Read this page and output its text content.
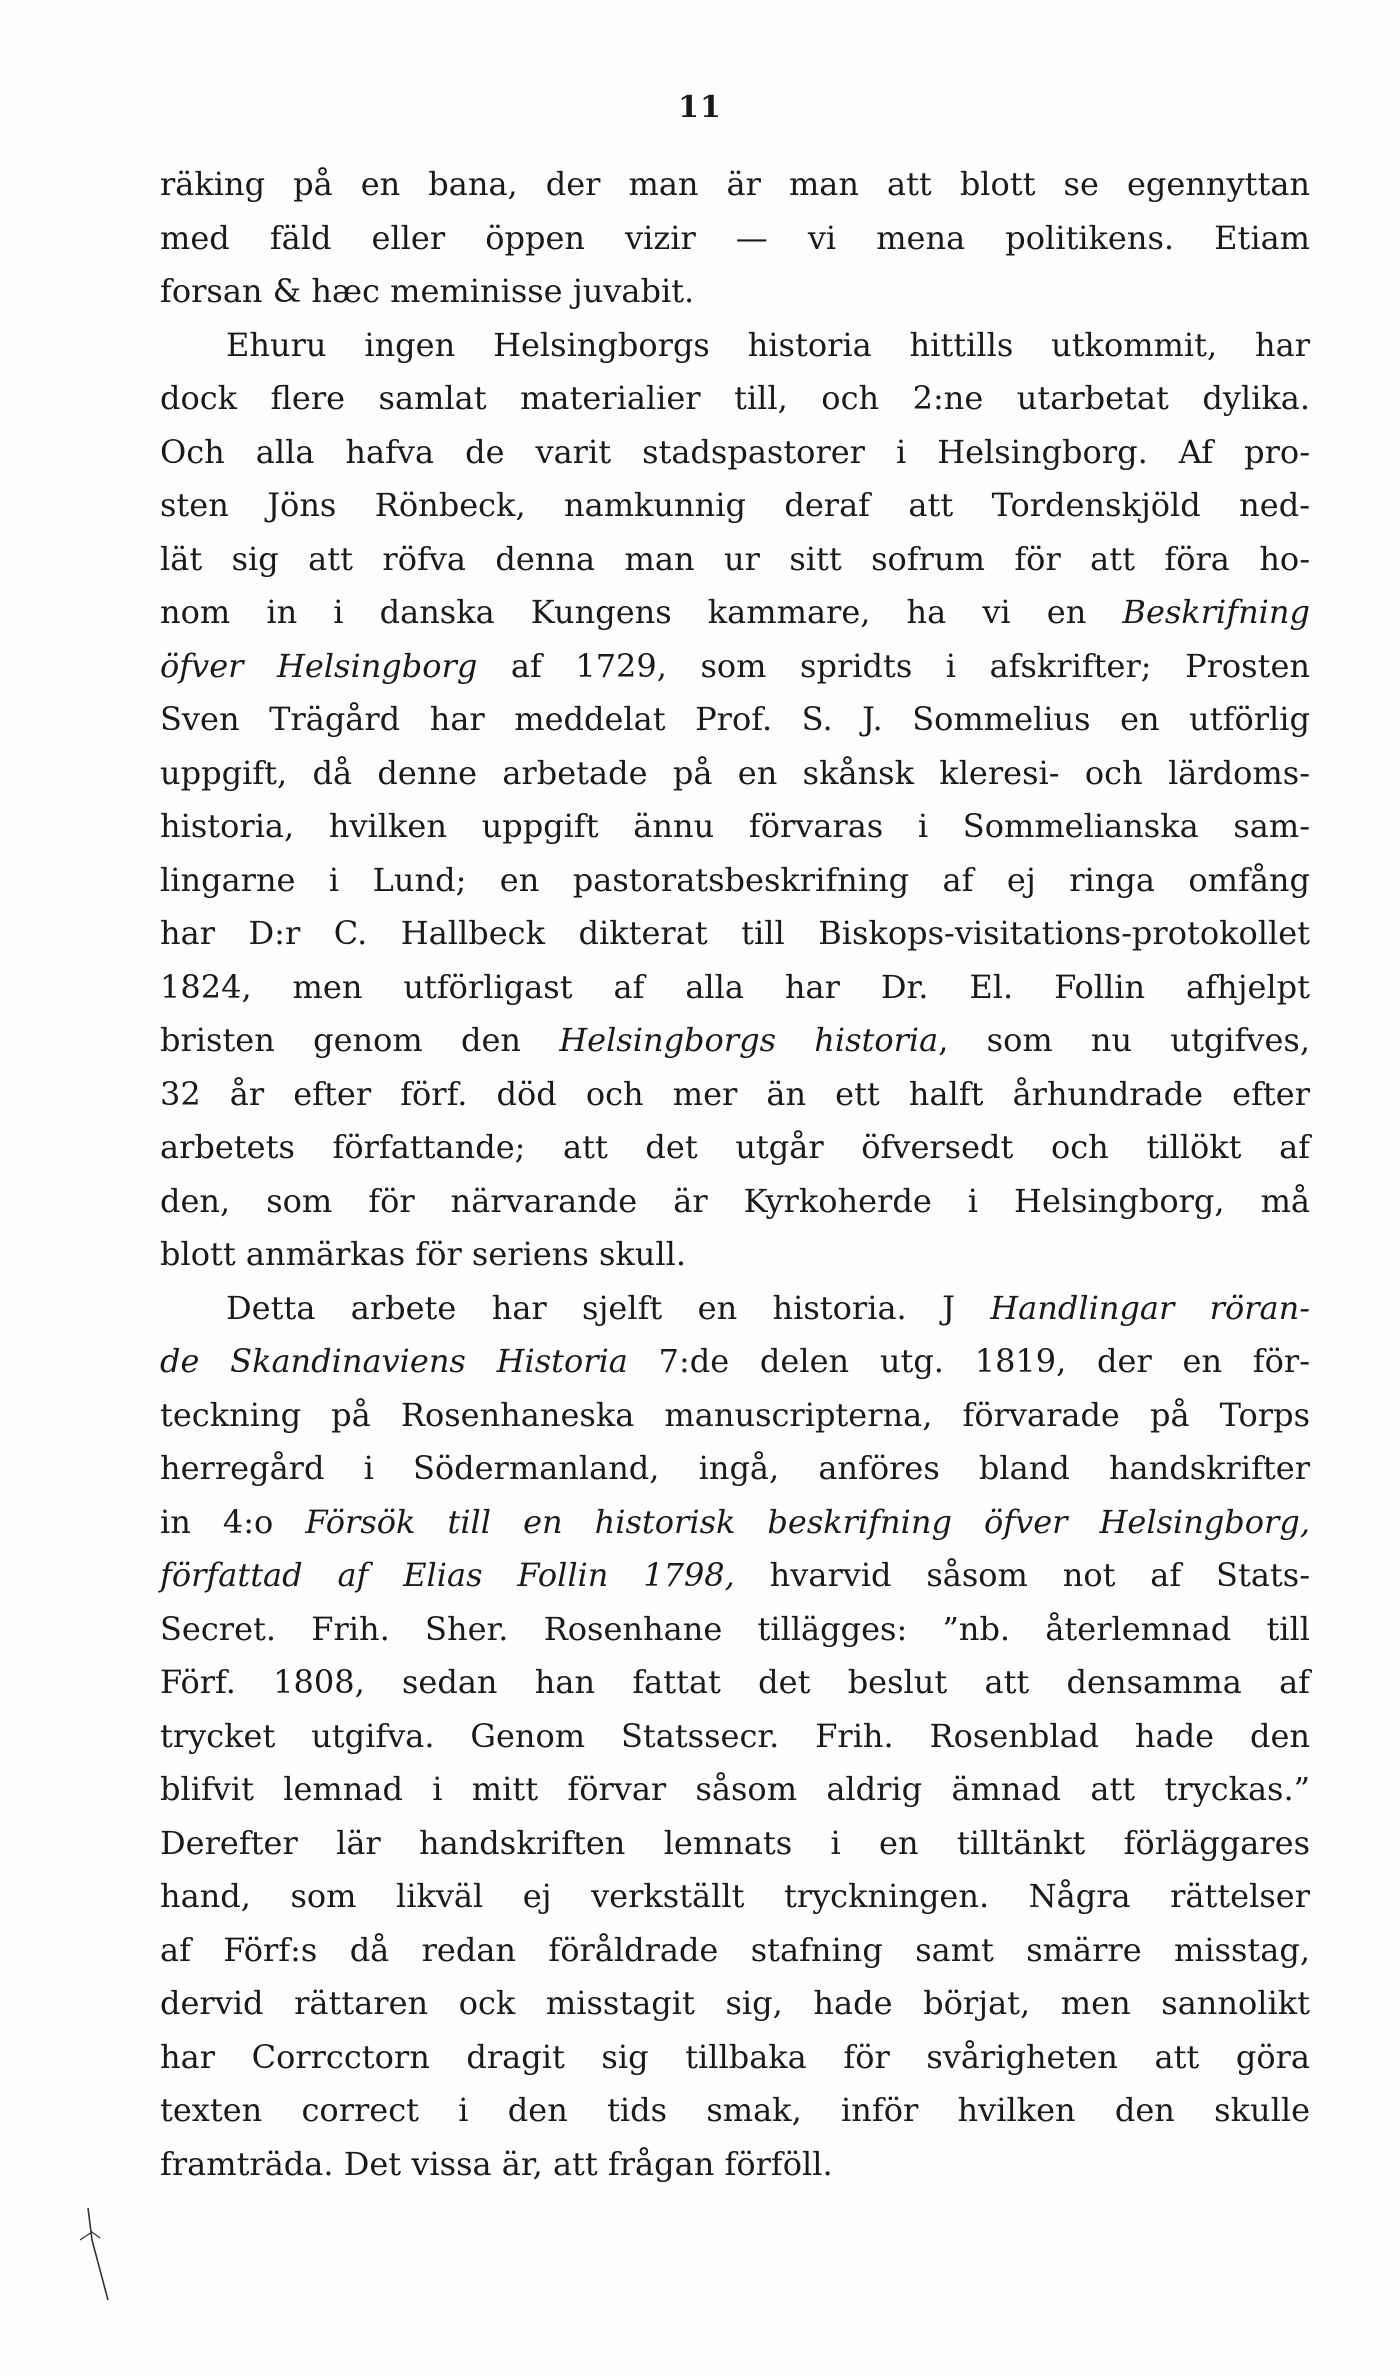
11
räking på en bana, der man är man att blott se egennyttan
med fäld eller öppen vizir — vi mena politikens. Etiam
forsan & hæc meminisse juvabit.
Ehuru ingen Helsingborgs historia hittills utkommit, har
dock flere samlat materialier till, och 2:ne utarbetat dylika.
Och alla hafva de varit stadspastorer i Helsingborg. Af pro-
sten Jöns Rönbeck, namkunnig deraf att Tordenskjöld ned-
lät sig att röfva denna man ur sitt sofrum för att föra ho-
nom in i danska Kungens kammare, ha vi en Beskrifning
öfver Helsingborg af 1729, som spridts i afskrifter; Prosten
Sven Trägård har meddelat Prof. S. J. Sommelius en utförlig
uppgift, då denne arbetade på en skånsk kleresi- och lärdoms-
historia, hvilken uppgift ännu förvaras i Sommelianska sam-
lingarne i Lund; en pastoratsbeskrifning af ej ringa omfång
har D:r C. Hallbeck dikterat till Biskops-visitations-protokollet
1824, men utförligast af alla har Dr. El. Follin afhjelpt
bristen genom den Helsingborgs historia, som nu utgifves,
32 år efter förf. död och mer än ett halft århundrade efter
arbetets författande; att det utgår öfversedt och tillökt af
den, som för närvarande är Kyrkoherde i Helsingborg, må
blott anmärkas för seriens skull.
Detta arbete har sjelft en historia. J Handlingar röran-
de Skandinaviens Historia 7:de delen utg. 1819, der en för-
teckning på Rosenhaneska manuscripterna, förvarade på Torps
herregård i Södermanland, ingå, anföres bland handskrifter
in 4:o Försök till en historisk beskrifning öfver Helsingborg,
författad af Elias Follin 1798, hvarvid såsom not af Stats-
Secret. Frih. Sher. Rosenhane tillägges: ”nb. återlemnad till
Förf. 1808, sedan han fattat det beslut att densamma af
trycket utgifva. Genom Statssecr. Frih. Rosenblad hade den
blifvit lemnad i mitt förvar såsom aldrig ämnad att tryckas.”
Derefter lär handskriften lemnats i en tilltänkt förläggares
hand, som likväl ej verkställt tryckningen. Några rättelser
af Förf:s då redan föråldrade stafning samt smärre misstag,
dervid rättaren ock misstagit sig, hade börjat, men sannolikt
har Corrcctorn dragit sig tillbaka för svårigheten att göra
texten correct i den tids smak, inför hvilken den skulle
framträda. Det vissa är, att frågan förföll.
